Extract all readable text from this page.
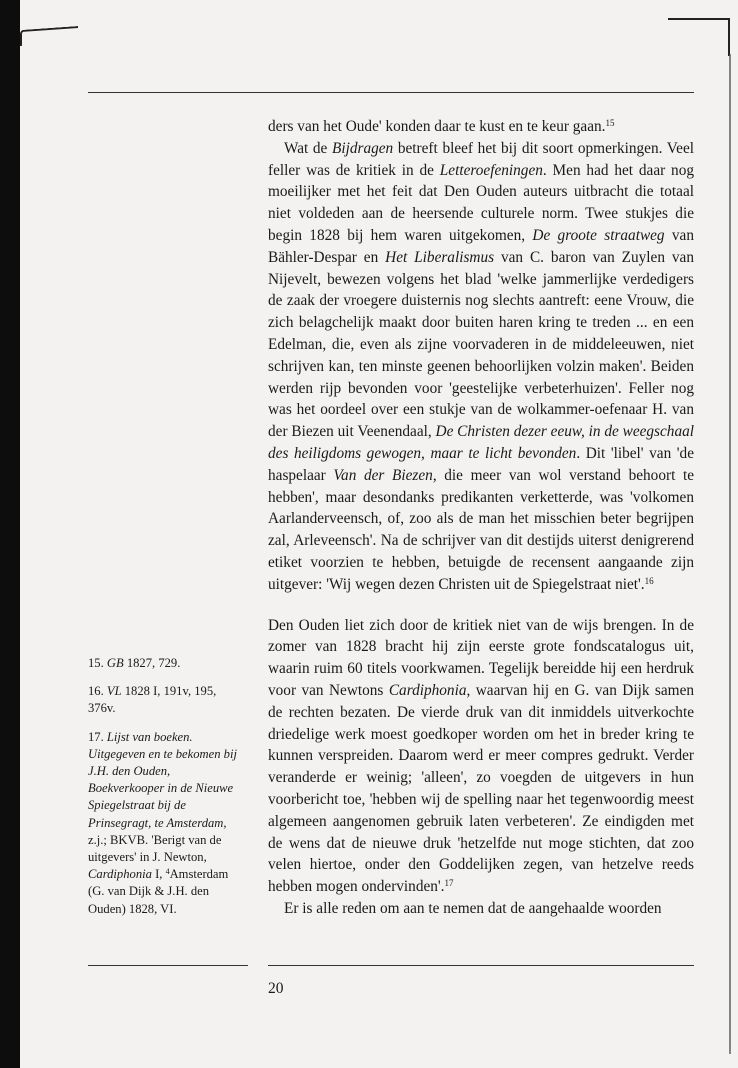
ders van het Oude' konden daar te kust en te keur gaan.$^{15}$

Wat de Bijdragen betreft bleef het bij dit soort opmerkingen. Veel feller was de kritiek in de Letteroefeningen. Men had het daar nog moeilijker met het feit dat Den Ouden auteurs uitbracht die totaal niet voldeden aan de heersende culturele norm. Twee stukjes die begin 1828 bij hem waren uitgekomen, De groote straatweg van Bähler-Despar en Het Liberalismus van C. baron van Zuylen van Nijevelt, bewezen volgens het blad 'welke jammerlijke verdedigers de zaak der vroegere duisternis nog slechts aantreft: eene Vrouw, die zich belagchelijk maakt door buiten haren kring te treden ... en een Edelman, die, even als zijne voorvaderen in de middeleeuwen, niet schrijven kan, ten minste geenen behoorlijken volzin maken'. Beiden werden rijp bevonden voor 'geestelijke verbeterhuizen'. Feller nog was het oordeel over een stukje van de wolkammer-oefenaar H. van der Biezen uit Veenendaal, De Christen dezer eeuw, in de weegschaal des heiligdoms gewogen, maar te licht bevonden. Dit 'libel' van 'de haspelaar Van der Biezen, die meer van wol verstand behoort te hebben', maar desondanks predikanten verketterde, was 'volkomen Aarlanderveensch, of, zoo als de man het misschien beter begrijpen zal, Arleveensch'. Na de schrijver van dit destijds uiterst denigrerend etiket voorzien te hebben, betuigde de recensent aangaande zijn uitgever: 'Wij wegen dezen Christen uit de Spiegelstraat niet'.$^{16}$

Den Ouden liet zich door de kritiek niet van de wijs brengen. In de zomer van 1828 bracht hij zijn eerste grote fondscatalogus uit, waarin ruim 60 titels voorkwamen. Tegelijk bereidde hij een herdruk voor van Newtons Cardiphonia, waarvan hij en G. van Dijk samen de rechten bezaten. De vierde druk van dit inmiddels uitverkochte driedelige werk moest goedkoper worden om het in breder kring te kunnen verspreiden. Daarom werd er meer compres gedrukt. Verder veranderde er weinig; 'alleen', zo voegden de uitgevers in hun voorbericht toe, 'hebben wij de spelling naar het tegenwoordig meest algemeen aangenomen gebruik laten verbeteren'. Ze eindigden met de wens dat de nieuwe druk 'hetzelfde nut moge stichten, dat zoo velen hiertoe, onder den Goddelijken zegen, van hetzelve reeds hebben mogen ondervinden'.$^{17}$

Er is alle reden om aan te nemen dat de aangehaalde woorden

15. GB 1827, 729.

16. VL 1828 I, 191v, 195, 376v.

17. Lijst van boeken. Uitgegeven en te bekomen bij J.H. den Ouden, Boekverkooper in de Nieuwe Spiegelstraat bij de Prinsegragt, te Amsterdam, z.j.; BKVB. 'Berigt van de uitgevers' in J. Newton, Cardiphonia I, $^4$Amsterdam (G. van Dijk & J.H. den Ouden) 1828, VI.

20
